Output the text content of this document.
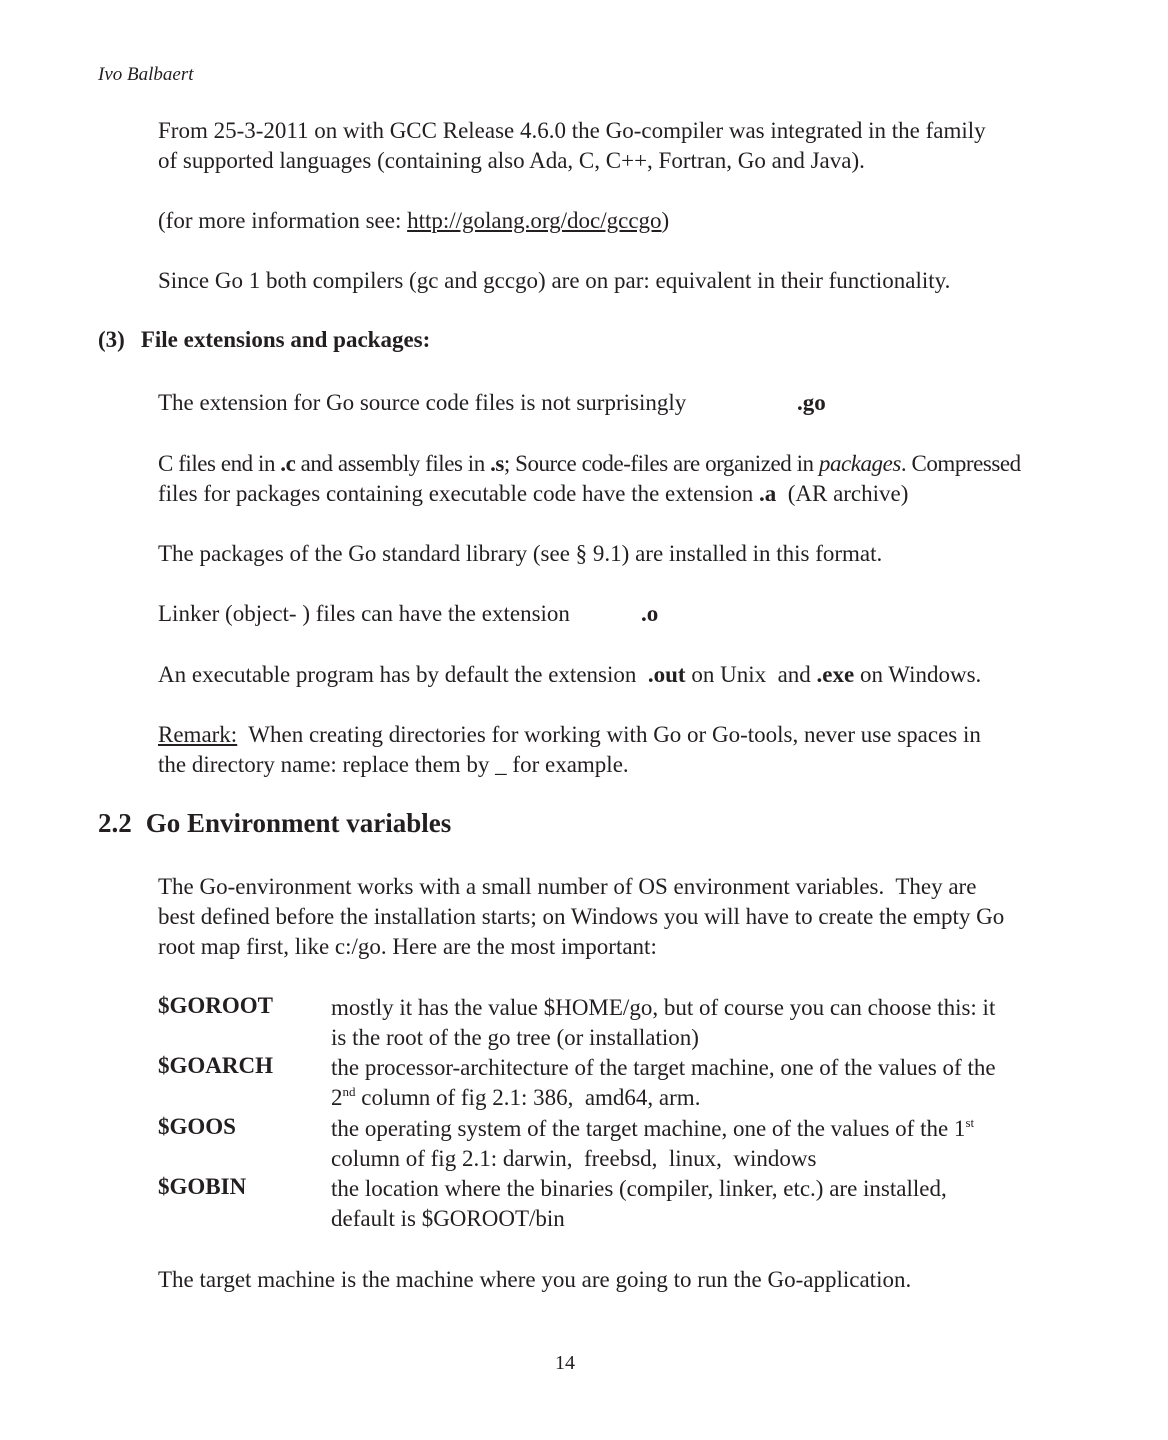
Ivo Balbaert
From 25-3-2011 on with GCC Release 4.6.0 the Go-compiler was integrated in the family
of supported languages (containing also Ada, C, C++, Fortran, Go and Java).
(for more information see: http://golang.org/doc/gccgo)
Since Go 1 both compilers (gc and gccgo) are on par: equivalent in their functionality.
(3) File extensions and packages:
The extension for Go source code files is not surprisingly	.go
C files end in .c and assembly files in .s; Source code-files are organized in packages. Compressed
files for packages containing executable code have the extension .a  (AR archive)
The packages of the Go standard library (see § 9.1) are installed in this format.
Linker (object- ) files can have the extension	.o
An executable program has by default the extension  .out on Unix  and .exe on Windows.
Remark:  When creating directories for working with Go or Go-tools, never use spaces in
the directory name: replace them by _ for example.
2.2 Go Environment variables
The Go-environment works with a small number of OS environment variables.  They are
best defined before the installation starts; on Windows you will have to create the empty Go
root map first, like c:/go. Here are the most important:
$GOROOT	mostly it has the value $HOME/go, but of course you can choose this: it
is the root of the go tree (or installation)
$GOARCH	the processor-architecture of the target machine, one of the values of the
2nd column of fig 2.1: 386,  amd64, arm.
$GOOS	the operating system of the target machine, one of the values of the 1st
column of fig 2.1: darwin,  freebsd,  linux,  windows
$GOBIN	the location where the binaries (compiler, linker, etc.) are installed,
default is $GOROOT/bin
The target machine is the machine where you are going to run the Go-application.
14
